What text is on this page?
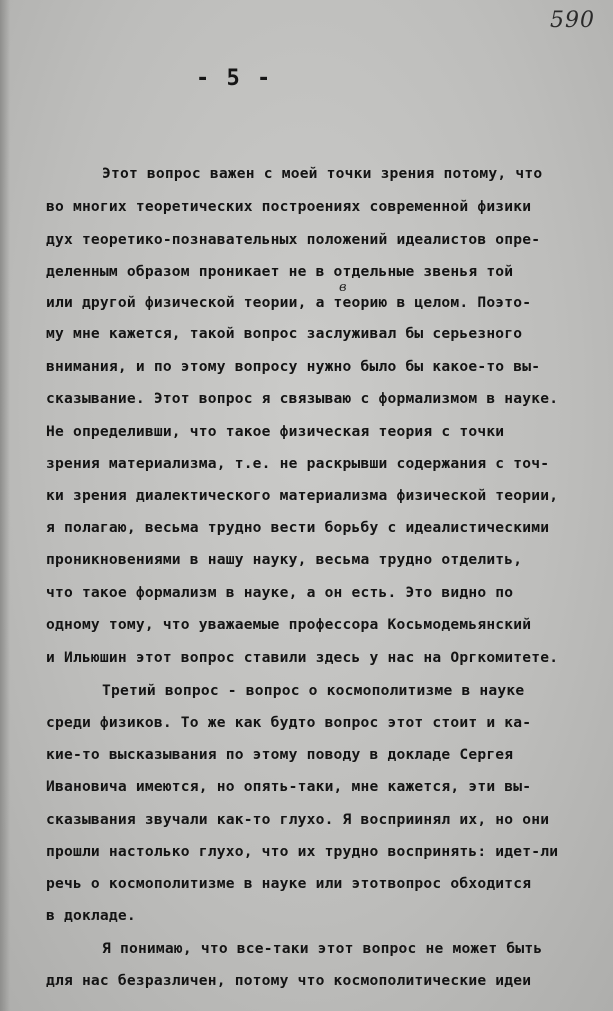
590
- 5 -
в
Этот вопрос важен с моей точки зрения потому, что
во многих теоретических построениях современной физики
дух теоретико-познавательных положений идеалистов опре-
деленным образом проникает не в отдельные звенья той
или другой физической теории, а теорию в целом. Поэто-
му мне кажется, такой вопрос заслуживал бы серьезного
внимания, и по этому вопросу нужно было бы какое-то вы-
сказывание. Этот вопрос я связываю с формализмом в науке.
Не определивши, что такое физическая теория с точки
зрения материализма, т.е. не раскрывши содержания с точ-
ки зрения диалектического материализма физической теории,
я полагаю, весьма трудно вести борьбу с идеалистическими
проникновениями в нашу науку, весьма трудно отделить,
что такое формализм в науке, а он есть. Это видно по
одному тому, что уважаемые профессора Косьмодемьянский
и Ильюшин этот вопрос ставили здесь у нас на Оргкомитете.
Третий вопрос - вопрос о космополитизме в науке
среди физиков. То же как будто вопрос этот стоит и ка-
кие-то высказывания по этому поводу в докладе Сергея
Ивановича имеются, но опять-таки, мне кажется, эти вы-
сказывания звучали как-то глухо. Я восприинял их, но они
прошли настолько глухо, что их трудно воспринять: идет-ли
речь о космополитизме в науке или этотвопрос обходится
в докладе.
Я понимаю, что все-таки этот вопрос не может быть
для нас безразличен, потому что космополитические идеи
